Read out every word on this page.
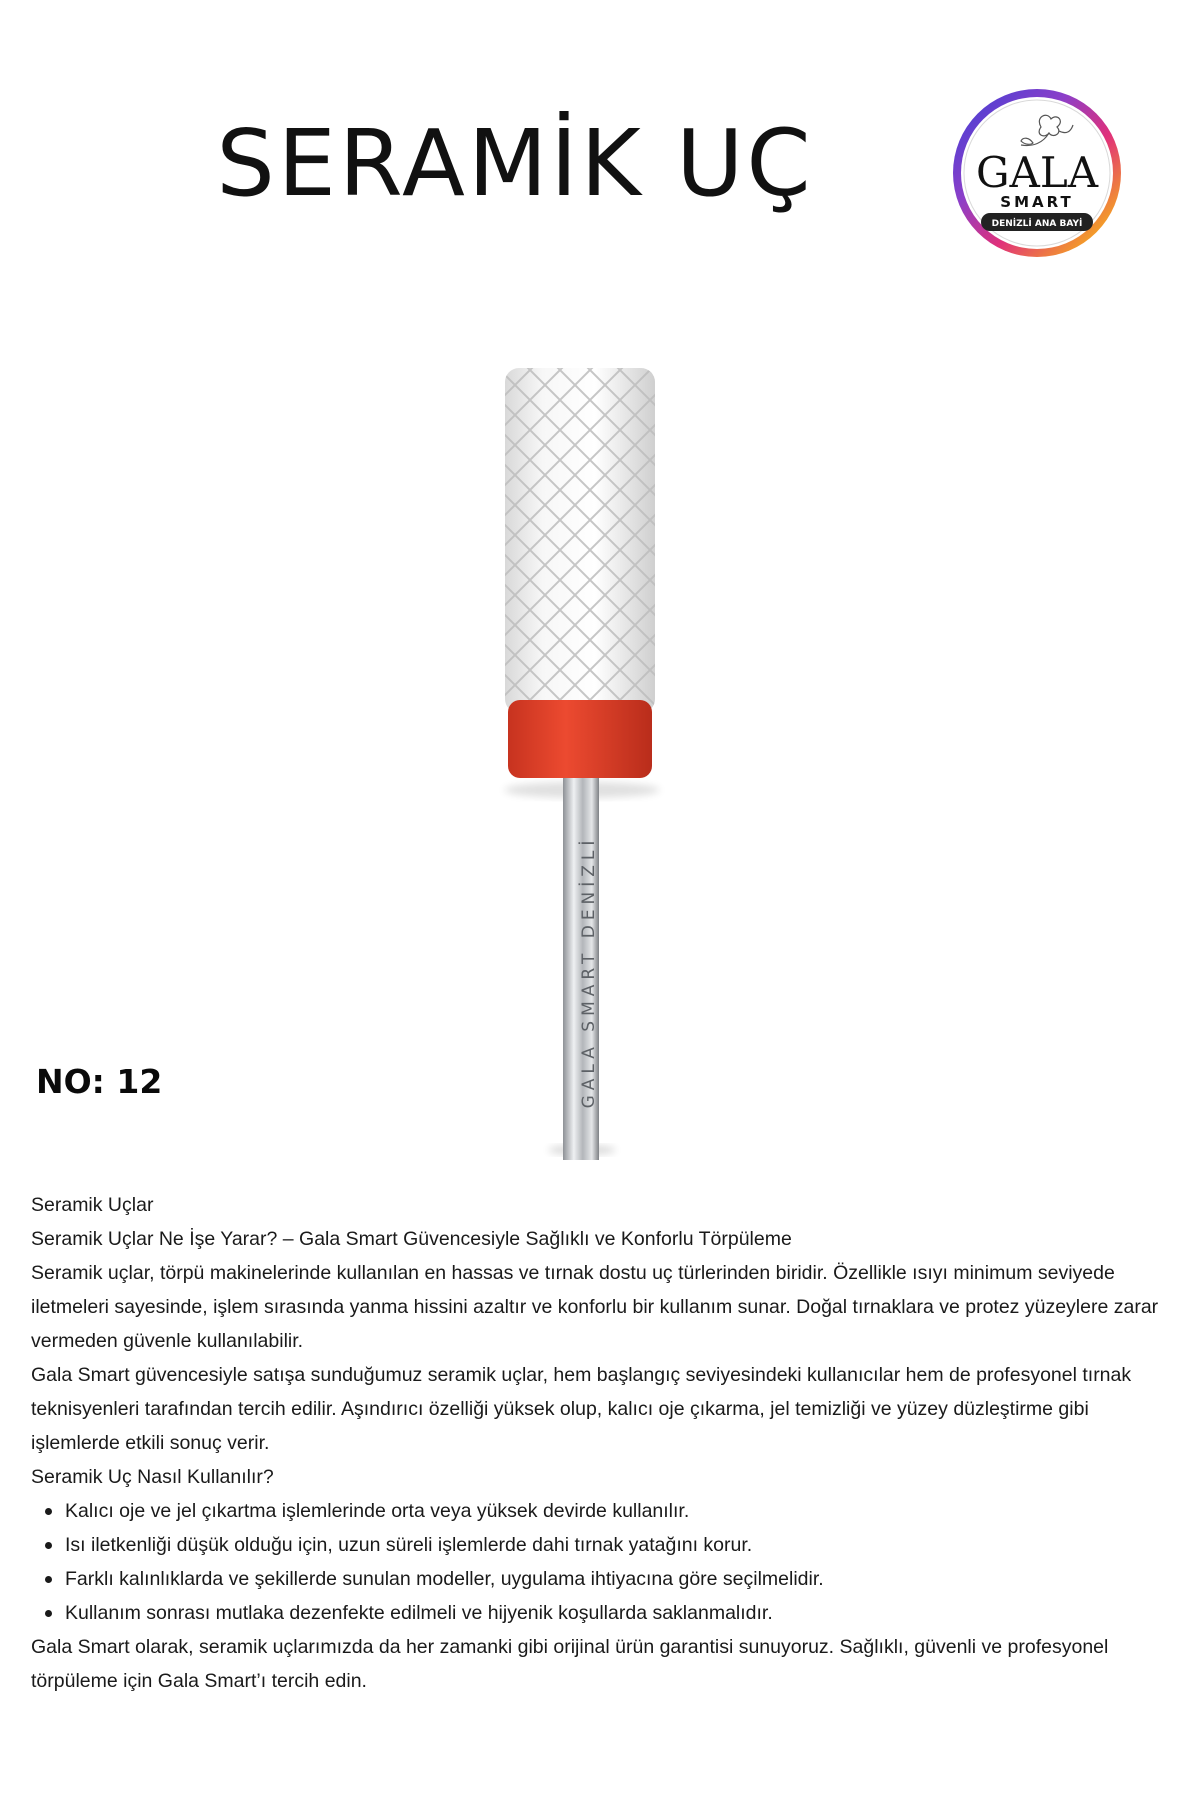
SERAMİK UÇ	GALA
SMART
DENİZLİ ANA BAYİ
GALA SMART DENİZLİ
NO: 12

Seramik Uçlar

Seramik Uçlar Ne İşe Yarar? – Gala Smart Güvencesiyle Sağlıklı ve Konforlu Törpüleme

Seramik uçlar, törpü makinelerinde kullanılan en hassas ve tırnak dostu uç türlerinden biridir. Özellikle ısıyı minimum seviyede iletmeleri sayesinde, işlem sırasında yanma hissini azaltır ve konforlu bir kullanım sunar. Doğal tırnaklara ve protez yüzeylere zarar vermeden güvenle kullanılabilir.

Gala Smart güvencesiyle satışa sunduğumuz seramik uçlar, hem başlangıç seviyesindeki kullanıcılar hem de profesyonel tırnak teknisyenleri tarafından tercih edilir. Aşındırıcı özelliği yüksek olup, kalıcı oje çıkarma, jel temizliği ve yüzey düzleştirme gibi işlemlerde etkili sonuç verir.

Seramik Uç Nasıl Kullanılır?

Kalıcı oje ve jel çıkartma işlemlerinde orta veya yüksek devirde kullanılır.
Isı iletkenliği düşük olduğu için, uzun süreli işlemlerde dahi tırnak yatağını korur.
Farklı kalınlıklarda ve şekillerde sunulan modeller, uygulama ihtiyacına göre seçilmelidir.
Kullanım sonrası mutlaka dezenfekte edilmeli ve hijyenik koşullarda saklanmalıdır.

Gala Smart olarak, seramik uçlarımızda da her zamanki gibi orijinal ürün garantisi sunuyoruz. Sağlıklı, güvenli ve profesyonel törpüleme için Gala Smart’ı tercih edin.
